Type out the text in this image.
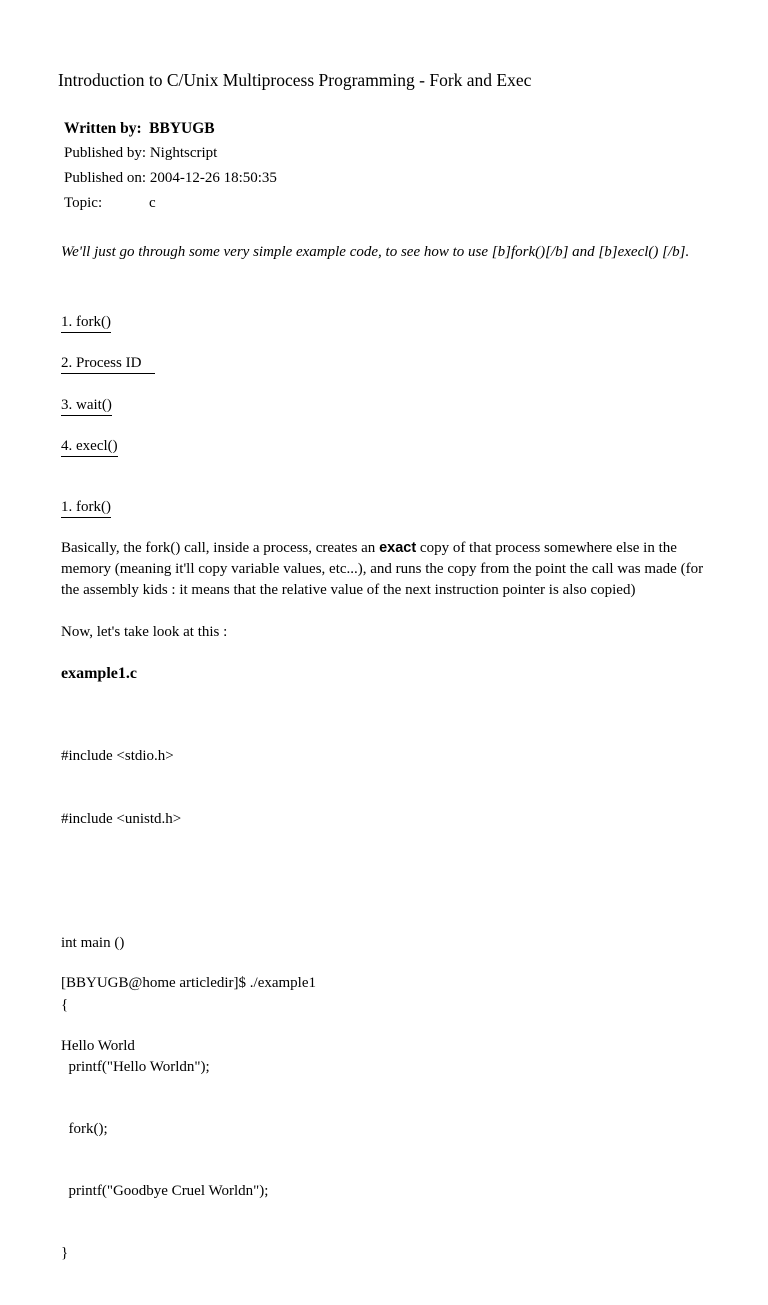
Introduction to C/Unix Multiprocess Programming - Fork and Exec
Written by: BBYUGB
Published by: Nightscript
Published on: 2004-12-26 18:50:35
Topic:	c
We'll just go through some very simple example code, to see how to use [b]fork()[/b] and [b]execl() [/b].
1. fork()
2. Process ID
3. wait()
4. execl()
1. fork()
Basically, the fork() call, inside a process, creates an exact copy of that process somewhere else in the memory (meaning it'll copy variable values, etc...), and runs the copy from the point the call was made (for the assembly kids : it means that the relative value of the next instruction pointer is also copied)
Now, let's take look at this :
example1.c

#include <stdio.h>

#include <unistd.h>

int main ()

{

printf("Hello Worldn");

fork();

printf("Goodbye Cruel Worldn");

}

[BBYUGB@home articledir]$ ./example1

Hello World
